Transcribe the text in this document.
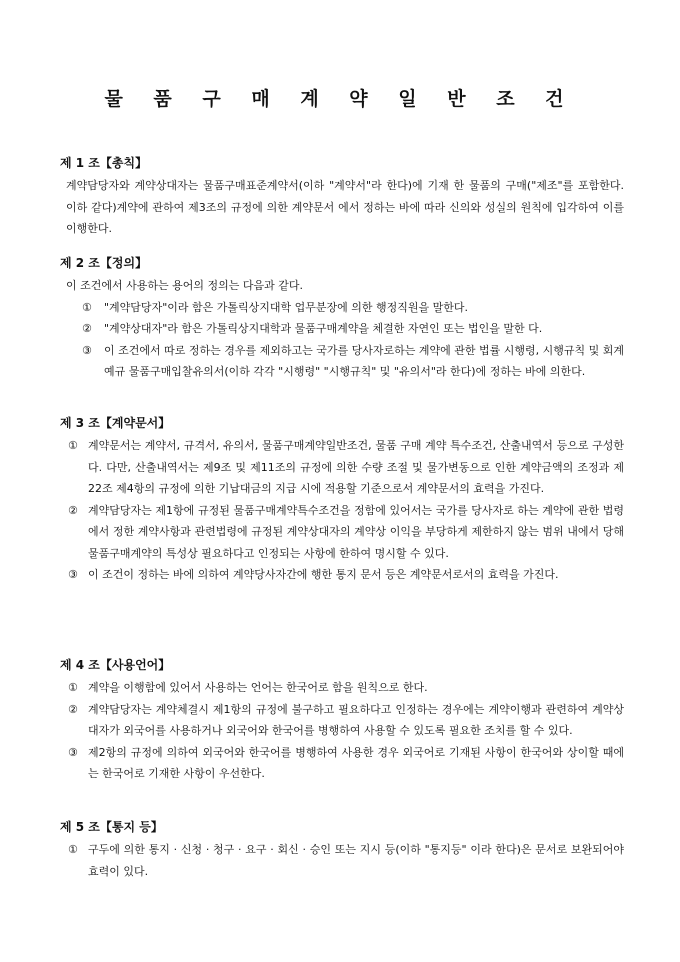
물 품 구 매 계 약 일 반 조 건
제 1 조【총칙】
계약담당자와 계약상대자는 물품구매표준계약서(이하 "계약서"라 한다)에 기재 한 물품의 구매("제조"를 포함한다. 이하 같다)계약에 관하여 제3조의 규정에 의한 계약문서 에서 정하는 바에 따라 신의와 성실의 원칙에 입각하여 이를 이행한다.
제 2 조【정의】
이 조건에서 사용하는 용어의 정의는 다음과 같다.
①	"계약담당자"이라 함은 가톨릭상지대학 업무분장에 의한 행정직원을 말한다.
②	"계약상대자"라 함은 가톨릭상지대학과 물품구매계약을 체결한 자연인 또는 법인을 말한 다.
③	이 조건에서 따로 정하는 경우를 제외하고는 국가를 당사자로하는 계약에 관한 법률 시행령, 시행규칙 및 회계예규 물품구매입찰유의서(이하 각각 "시행령" "시행규칙" 및 "유의서"라 한다)에 정하는 바에 의한다.
제 3 조【계약문서】
① 계약문서는 계약서, 규격서, 유의서, 물품구매계약일반조건, 물품 구매 계약 특수조건, 산출내역서 등으로 구성한다. 다만, 산출내역서는 제9조 및 제11조의 규정에 의한 수량 조절 및 물가변동으로 인한 계약금액의 조정과 제22조 제4항의 규정에 의한 기납대금의 지급 시에 적용할 기준으로서 계약문서의 효력을 가진다.
② 계약담당자는 제1항에 규정된 물품구매계약특수조건을 정함에 있어서는 국가를 당사자로 하는 계약에 관한 법령에서 정한 계약사항과 관련법령에 규정된 계약상대자의 계약상 이익을 부당하게 제한하지 않는 범위 내에서 당해 물품구매계약의 특성상 필요하다고 인정되는 사항에 한하여 명시할 수 있다.
③ 이 조건이 정하는 바에 의하여 계약당사자간에 행한 통지 문서 등은 계약문서로서의 효력을 가진다.
제 4 조【사용언어】
① 계약을 이행함에 있어서 사용하는 언어는 한국어로 함을 원칙으로 한다.
② 계약담당자는 계약체결시 제1항의 규정에 불구하고 필요하다고 인정하는 경우에는 계약이행과 관련하여 계약상대자가 외국어를 사용하거나 외국어와 한국어를 병행하여 사용할 수 있도록 필요한 조치를 할 수 있다.
③ 제2항의 규정에 의하여 외국어와 한국어를 병행하여 사용한 경우 외국어로 기재된 사항이 한국어와 상이할 때에는 한국어로 기재한 사항이 우선한다.
제 5 조【통지 등】
① 구두에 의한 통지 · 신청 · 청구 · 요구 · 회신 · 승인 또는 지시 등(이하 "통지등" 이라 한다)은 문서로 보완되어야 효력이 있다.
